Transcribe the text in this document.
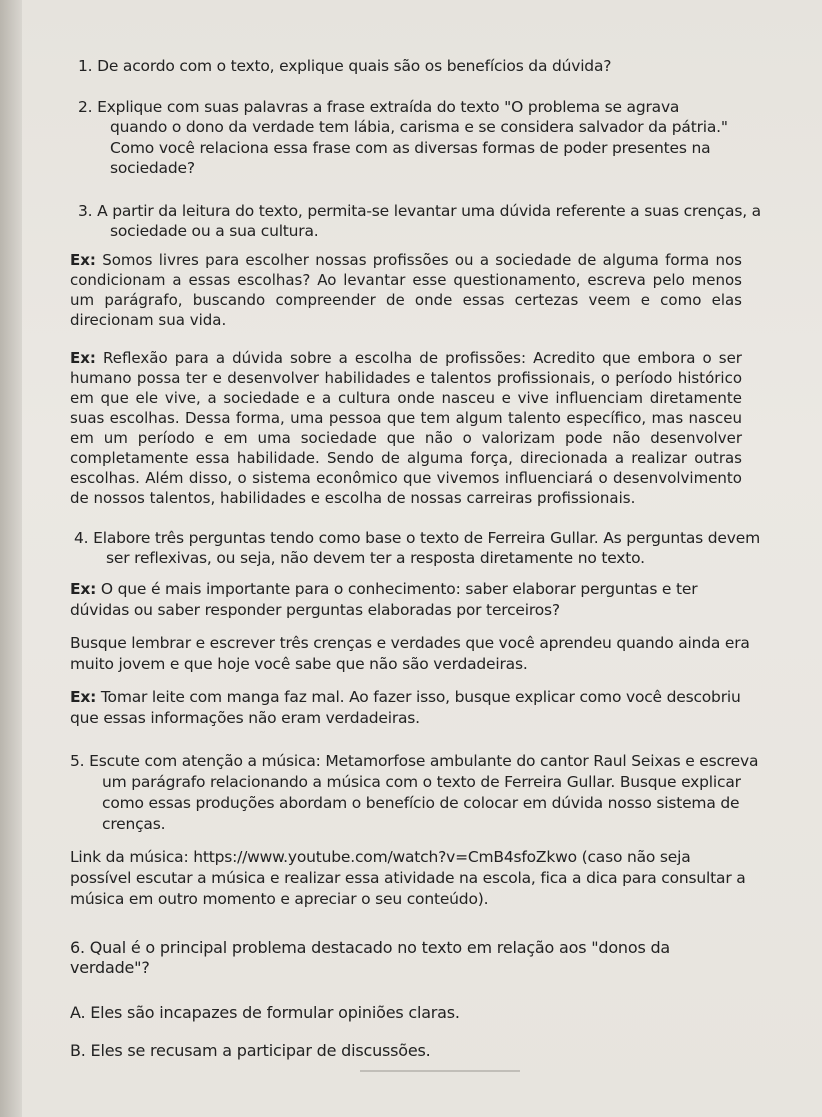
1. De acordo com o texto, explique quais são os benefícios da dúvida?

2. Explique com suas palavras a frase extraída do texto "O problema se agrava quando o dono da verdade tem lábia, carisma e se considera salvador da pátria." Como você relaciona essa frase com as diversas formas de poder presentes na sociedade?

3. A partir da leitura do texto, permita-se levantar uma dúvida referente a suas crenças, a sociedade ou a sua cultura.

Ex: Somos livres para escolher nossas profissões ou a sociedade de alguma forma nos condicionam a essas escolhas? Ao levantar esse questionamento, escreva pelo menos um parágrafo, buscando compreender de onde essas certezas veem e como elas direcionam sua vida.

Ex: Reflexão para a dúvida sobre a escolha de profissões: Acredito que embora o ser humano possa ter e desenvolver habilidades e talentos profissionais, o período histórico em que ele vive, a sociedade e a cultura onde nasceu e vive influenciam diretamente suas escolhas. Dessa forma, uma pessoa que tem algum talento específico, mas nasceu em um período e em uma sociedade que não o valorizam pode não desenvolver completamente essa habilidade. Sendo de alguma força, direcionada a realizar outras escolhas. Além disso, o sistema econômico que vivemos influenciará o desenvolvimento de nossos talentos, habilidades e escolha de nossas carreiras profissionais.

4. Elabore três perguntas tendo como base o texto de Ferreira Gullar. As perguntas devem ser reflexivas, ou seja, não devem ter a resposta diretamente no texto.

Ex: O que é mais importante para o conhecimento: saber elaborar perguntas e ter dúvidas ou saber responder perguntas elaboradas por terceiros?

Busque lembrar e escrever três crenças e verdades que você aprendeu quando ainda era muito jovem e que hoje você sabe que não são verdadeiras.

Ex: Tomar leite com manga faz mal. Ao fazer isso, busque explicar como você descobriu que essas informações não eram verdadeiras.

5. Escute com atenção a música: Metamorfose ambulante do cantor Raul Seixas e escreva um parágrafo relacionando a música com o texto de Ferreira Gullar. Busque explicar como essas produções abordam o benefício de colocar em dúvida nosso sistema de crenças.

Link da música: https://www.youtube.com/watch?v=CmB4sfoZkwo (caso não seja possível escutar a música e realizar essa atividade na escola, fica a dica para consultar a música em outro momento e apreciar o seu conteúdo).

6. Qual é o principal problema destacado no texto em relação aos "donos da verdade"?

A. Eles são incapazes de formular opiniões claras.

B. Eles se recusam a participar de discussões.
